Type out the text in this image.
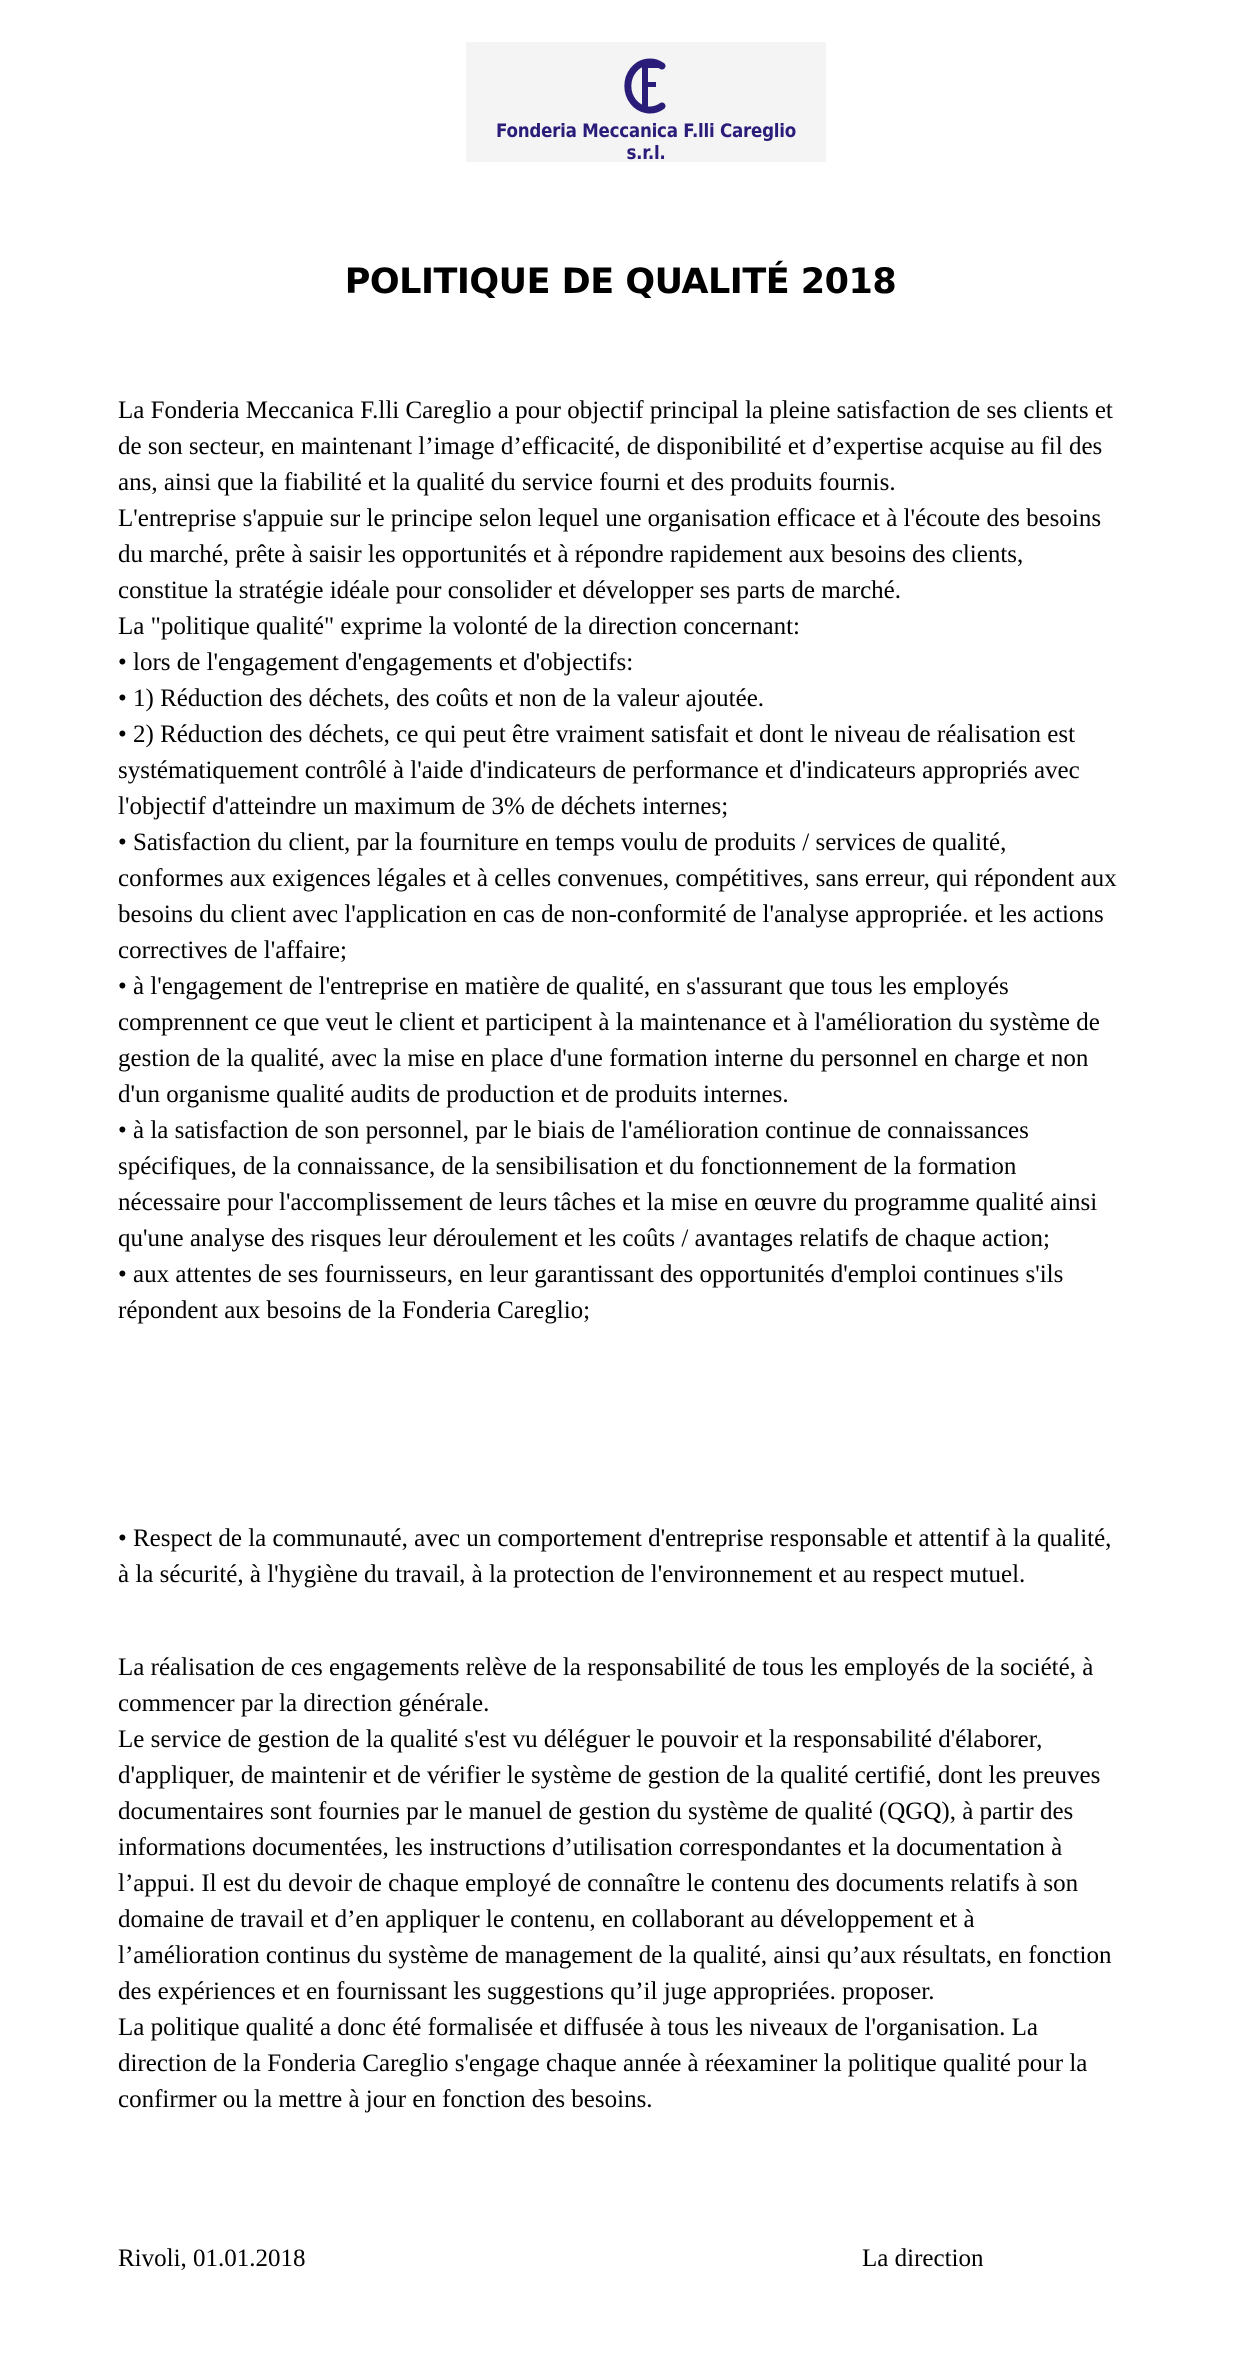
Fonderia Meccanica F.lli Careglio s.r.l.
POLITIQUE DE QUALITÉ 2018

La Fonderia Meccanica F.lli Careglio a pour objectif principal la pleine satisfaction de ses clients et de son secteur, en maintenant l’image d’efficacité, de disponibilité et d’expertise acquise au fil des ans, ainsi que la fiabilité et la qualité du service fourni et des produits fournis.

L'entreprise s'appuie sur le principe selon lequel une organisation efficace et à l'écoute des besoins du marché, prête à saisir les opportunités et à répondre rapidement aux besoins des clients, constitue la stratégie idéale pour consolider et développer ses parts de marché.

La "politique qualité" exprime la volonté de la direction concernant:

• lors de l'engagement d'engagements et d'objectifs:

• 1) Réduction des déchets, des coûts et non de la valeur ajoutée.

• 2) Réduction des déchets, ce qui peut être vraiment satisfait et dont le niveau de réalisation est systématiquement contrôlé à l'aide d'indicateurs de performance et d'indicateurs appropriés avec l'objectif d'atteindre un maximum de 3% de déchets internes;

• Satisfaction du client, par la fourniture en temps voulu de produits / services de qualité, conformes aux exigences légales et à celles convenues, compétitives, sans erreur, qui répondent aux besoins du client avec l'application en cas de non-conformité de l'analyse appropriée. et les actions correctives de l'affaire;

• à l'engagement de l'entreprise en matière de qualité, en s'assurant que tous les employés comprennent ce que veut le client et participent à la maintenance et à l'amélioration du système de gestion de la qualité, avec la mise en place d'une formation interne du personnel en charge et non d'un organisme qualité audits de production et de produits internes.

• à la satisfaction de son personnel, par le biais de l'amélioration continue de connaissances spécifiques, de la connaissance, de la sensibilisation et du fonctionnement de la formation nécessaire pour l'accomplissement de leurs tâches et la mise en œuvre du programme qualité ainsi qu'une analyse des risques leur déroulement et les coûts / avantages relatifs de chaque action;

• aux attentes de ses fournisseurs, en leur garantissant des opportunités d'emploi continues s'ils répondent aux besoins de la Fonderia Careglio;

• Respect de la communauté, avec un comportement d'entreprise responsable et attentif à la qualité, à la sécurité, à l'hygiène du travail, à la protection de l'environnement et au respect mutuel.

La réalisation de ces engagements relève de la responsabilité de tous les employés de la société, à commencer par la direction générale.

Le service de gestion de la qualité s'est vu déléguer le pouvoir et la responsabilité d'élaborer, d'appliquer, de maintenir et de vérifier le système de gestion de la qualité certifié, dont les preuves documentaires sont fournies par le manuel de gestion du système de qualité (QGQ), à partir des informations documentées, les instructions d’utilisation correspondantes et la documentation à l’appui. Il est du devoir de chaque employé de connaître le contenu des documents relatifs à son domaine de travail et d’en appliquer le contenu, en collaborant au développement et à l’amélioration continus du système de management de la qualité, ainsi qu’aux résultats, en fonction des expériences et en fournissant les suggestions qu’il juge appropriées. proposer.

La politique qualité a donc été formalisée et diffusée à tous les niveaux de l'organisation. La direction de la Fonderia Careglio s'engage chaque année à réexaminer la politique qualité pour la confirmer ou la mettre à jour en fonction des besoins.

Rivoli, 01.01.2018	La direction
